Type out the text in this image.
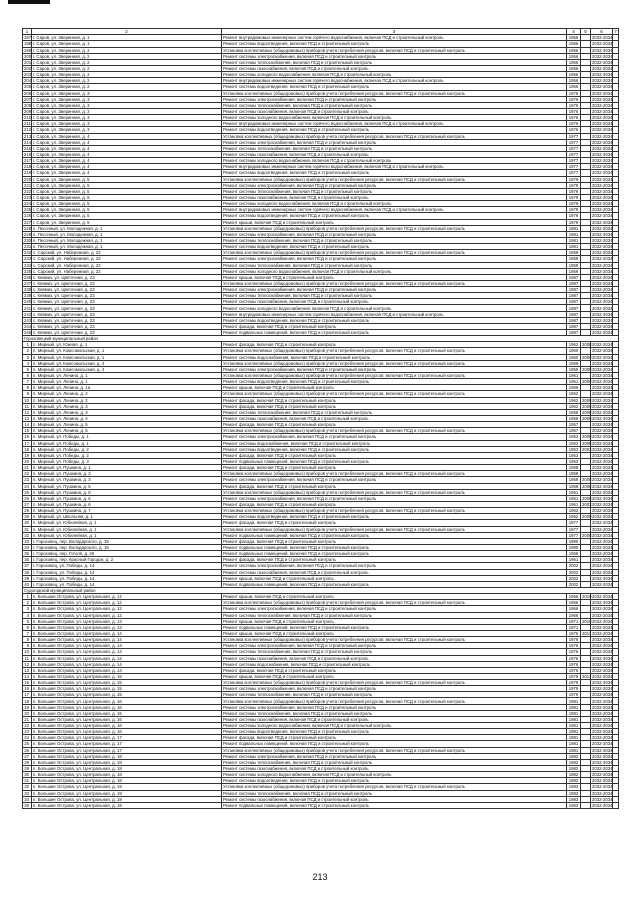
1	2	3	4	5	6	7
197	г. Саров, ул. Зверинная, д. 1	Ремонт внутридомовых инженерных систем горячего водоснабжения, включая ПСД и строительный контроль	1956		2032-2034	
198	г. Саров, ул. Зверинная, д. 1	Ремонт системы водоотведения, включая ПСД и строительный контроль	1956		2032-2034	
199	г. Саров, ул. Зверинная, д. 2	Установка коллективных (общедомовых) приборов учета потребления ресурсов, включая ПСД и строительный контроль	1956		2032-2034	
200	г. Саров, ул. Зверинная, д. 2	Ремонт системы электроснабжения, включая ПСД и строительный контроль	1956		2032-2034	
201	г. Саров, ул. Зверинная, д. 2	Ремонт системы теплоснабжения, включая ПСД и строительный контроль	1956		2032-2034	
202	г. Саров, ул. Зверинная, д. 2	Ремонт системы газоснабжения, включая ПСД и строительный контроль	1956		2032-2034	
203	г. Саров, ул. Зверинная, д. 2	Ремонт системы холодного водоснабжения, включая ПСД и строительный контроль	1956		2032-2034	
204	г. Саров, ул. Зверинная, д. 2	Ремонт внутридомовых инженерных систем горячего водоснабжения, включая ПСД и строительный контроль	1956		2032-2034	
205	г. Саров, ул. Зверинная, д. 2	Ремонт системы водоотведения, включая ПСД и строительный контроль	1956		2032-2034	
206	г. Саров, ул. Зверинная, д. 3	Установка коллективных (общедомовых) приборов учета потребления ресурсов, включая ПСД и строительный контроль	1976		2032-2034	
207	г. Саров, ул. Зверинная, д. 3	Ремонт системы электроснабжения, включая ПСД и строительный контроль	1976		2032-2034	
208	г. Саров, ул. Зверинная, д. 3	Ремонт системы теплоснабжения, включая ПСД и строительный контроль	1976		2032-2034	
209	г. Саров, ул. Зверинная, д. 3	Ремонт системы газоснабжения, включая ПСД и строительный контроль	1976		2032-2034	
210	г. Саров, ул. Зверинная, д. 3	Ремонт системы холодного водоснабжения, включая ПСД и строительный контроль	1976		2032-2034	
211	г. Саров, ул. Зверинная, д. 3	Ремонт внутридомовых инженерных систем горячего водоснабжения, включая ПСД и строительный контроль	1976		2032-2034	
212	г. Саров, ул. Зверинная, д. 3	Ремонт системы водоотведения, включая ПСД и строительный контроль	1976		2032-2034	
213	г. Саров, ул. Зверинная, д. 4	Установка коллективных (общедомовых) приборов учета потребления ресурсов, включая ПСД и строительный контроль	1977		2032-2034	
214	г. Саров, ул. Зверинная, д. 4	Ремонт системы электроснабжения, включая ПСД и строительный контроль	1977		2032-2034	
215	г. Саров, ул. Зверинная, д. 4	Ремонт системы теплоснабжения, включая ПСД и строительный контроль	1977		2032-2034	
216	г. Саров, ул. Зверинная, д. 4	Ремонт системы газоснабжения, включая ПСД и строительный контроль	1977		2032-2034	
217	г. Саров, ул. Зверинная, д. 4	Ремонт системы холодного водоснабжения, включая ПСД и строительный контроль	1977		2032-2034	
218	г. Саров, ул. Зверинная, д. 4	Ремонт внутридомовых инженерных систем горячего водоснабжения, включая ПСД и строительный контроль	1977		2032-2034	
219	г. Саров, ул. Зверинная, д. 4	Ремонт системы водоотведения, включая ПСД и строительный контроль	1977		2032-2034	
220	г. Саров, ул. Зверинная, д. 5	Установка коллективных (общедомовых) приборов учета потребления ресурсов, включая ПСД и строительный контроль	1979		2032-2034	
221	г. Саров, ул. Зверинная, д. 5	Ремонт системы электроснабжения, включая ПСД и строительный контроль	1979		2032-2034	
222	г. Саров, ул. Зверинная, д. 5	Ремонт системы теплоснабжения, включая ПСД и строительный контроль	1979		2032-2034	
223	г. Саров, ул. Зверинная, д. 5	Ремонт системы газоснабжения, включая ПСД и строительный контроль	1979		2032-2034	
224	г. Саров, ул. Зверинная, д. 5	Ремонт системы холодного водоснабжения, включая ПСД и строительный контроль	1979		2032-2034	
225	г. Саров, ул. Зверинная, д. 5	Ремонт внутридомовых инженерных систем горячего водоснабжения, включая ПСД и строительный контроль	1979		2032-2034	
226	г. Саров, ул. Зверинная, д. 5	Ремонт системы водоотведения, включая ПСД и строительный контроль	1979		2032-2034	
227	г. Саров, ул. Зверинная, д. 5	Ремонт крыши, включая ПСД и строительный контроль	1979		2032-2034	
228	п. Песочный, ул. Молодежная, д. 1	Установка коллективных (общедомовых) приборов учета потребления ресурсов, включая ПСД и строительный контроль	1981		2032-2034	
229	п. Песочный, ул. Молодежная, д. 1	Ремонт системы электроснабжения, включая ПСД и строительный контроль	1981		2032-2034	
230	п. Песочный, ул. Молодежная, д. 1	Ремонт системы теплоснабжения, включая ПСД и строительный контроль	1981		2032-2034	
231	п. Песочный, ул. Молодежная, д. 1	Ремонт системы водоотведения, включая ПСД и строительный контроль	1981		2032-2034	
232	с. Сарский, ул. Набережная, д. 22	Установка коллективных (общедомовых) приборов учета потребления ресурсов, включая ПСД и строительный контроль	1959		2032-2034	
233	с. Сарский, ул. Набережная, д. 22	Ремонт системы электроснабжения, включая ПСД и строительный контроль	1959		2032-2034	
234	с. Сарский, ул. Набережная, д. 22	Ремонт системы теплоснабжения, включая ПСД и строительный контроль	1959		2032-2034	
235	с. Сарский, ул. Набережная, д. 22	Ремонт системы холодного водоснабжения, включая ПСД и строительный контроль	1959		2032-2034	
236	с. Кевмиз, ул. Цветочная, д. 23	Ремонт крыши, включая ПСД и строительный контроль	1987		2032-2034	
237	с. Кевмиз, ул. Цветочная, д. 23	Установка коллективных (общедомовых) приборов учета потребления ресурсов, включая ПСД и строительный контроль	1987		2032-2034	
238	с. Кевмиз, ул. Цветочная, д. 23	Ремонт системы электроснабжения, включая ПСД и строительный контроль	1987		2032-2034	
239	с. Кевмиз, ул. Цветочная, д. 23	Ремонт системы теплоснабжения, включая ПСД и строительный контроль	1987		2032-2034	
240	с. Кевмиз, ул. Цветочная, д. 23	Ремонт системы газоснабжения, включая ПСД и строительный контроль	1987		2032-2034	
241	с. Кевмиз, ул. Цветочная, д. 23	Ремонт системы холодного водоснабжения, включая ПСД и строительный контроль	1987		2032-2034	
242	с. Кевмиз, ул. Цветочная, д. 23	Ремонт внутридомовых инженерных систем горячего водоснабжения, включая ПСД и строительный контроль	1987		2032-2034	
243	с. Кевмиз, ул. Цветочная, д. 23	Ремонт системы водоотведения, включая ПСД и строительный контроль	1987		2032-2034	
244	с. Кевмиз, ул. Цветочная, д. 23	Ремонт фасада, включая ПСД и строительный контроль	1987		2032-2034	
245	с. Кевмиз, ул. Цветочная, д. 23	Ремонт подвальных помещений, включая ПСД и строительный контроль	1987		2032-2034	
Гороховецкий муниципальный район						
1	п. Мирный, ул. Южная, д. 1	Ремонт фасада, включая ПСД и строительный контроль	1962	2008	2032-2034	
2	п. Мирный, ул. Комсомольская, д. 1	Установка коллективных (общедомовых) приборов учета потребления ресурсов, включая ПСД и строительный контроль	1960		2032-2034	
3	п. Мирный, ул. Комсомольская, д. 1	Ремонт системы водоснабжения, включая ПСД и строительный контроль	1960	2009	2032-2034	
4	п. Мирный, ул. Комсомольская, д. 4	Установка коллективных (общедомовых) приборов учета потребления ресурсов, включая ПСД и строительный контроль	1959		2032-2034	
5	п. Мирный, ул. Комсомольская, д. 4	Ремонт системы электроснабжения, включая ПСД и строительный контроль	1959	2008	2032-2034	
6	п. Мирный, ул. Ленина, д. 1	Установка коллективных (общедомовых) приборов учета потребления ресурсов, включая ПСД и строительный контроль	1961		2032-2034	
7	п. Мирный, ул. Ленина, д. 1	Ремонт системы водоотведения, включая ПСД и строительный контроль	1961	2009	2032-2034	
8	п. Мирный, ул. Ленина, д. 1а	Ремонт крыши, включая ПСД и строительный контроль	1966		2032-2034	
9	п. Мирный, ул. Ленина, д. 2	Установка коллективных (общедомовых) приборов учета потребления ресурсов, включая ПСД и строительный контроль	1962		2032-2034	
10	п. Мирный, ул. Ленина, д. 2	Ремонт фасада, включая ПСД и строительный контроль	1962	2008	2032-2034	
11	п. Мирный, ул. Ленина, д. 3	Ремонт фасада, включая ПСД и строительный контроль	1962	2008	2032-2034	
12	п. Мирный, ул. Ленина, д. 3	Ремонт системы теплоснабжения, включая ПСД и строительный контроль	1958	2008	2032-2034	
13	п. Мирный, ул. Ленина, д. 4	Ремонт системы газоснабжения, включая ПСД и строительный контроль	1958	2008	2032-2034	
14	п. Мирный, ул. Ленина, д. 5	Ремонт фасада, включая ПСД и строительный контроль	1957		2032-2034	
15	п. Мирный, ул. Ленина, д. 5	Установка коллективных (общедомовых) приборов учета потребления ресурсов, включая ПСД и строительный контроль	1957		2032-2034	
16	п. Мирный, ул. Победы, д. 1	Ремонт системы электроснабжения, включая ПСД и строительный контроль	1953	2008	2032-2034	
17	п. Мирный, ул. Победы, д. 1	Ремонт системы водоснабжения, включая ПСД и строительный контроль	1953	2008	2032-2034	
18	п. Мирный, ул. Победы, д. 2	Ремонт системы водоотведения, включая ПСД и строительный контроль	1953	2003	2032-2034	
19	п. Мирный, ул. Победы, д. 2	Ремонт фасада, включая ПСД и строительный контроль	1953		2032-2034	
20	п. Мирный, ул. Победы, д. 3	Ремонт подвальных помещений, включая ПСД и строительный контроль	1953		2032-2034	
21	п. Мирный, ул. Пушкина, д. 1	Ремонт фасада, включая ПСД и строительный контроль	1958		2032-2034	
22	п. Мирный, ул. Пушкина, д. 3	Установка коллективных (общедомовых) приборов учета потребления ресурсов, включая ПСД и строительный контроль	1958		2032-2034	
23	п. Мирный, ул. Пушкина, д. 3	Ремонт системы электроснабжения, включая ПСД и строительный контроль	1958	2008	2032-2034	
24	п. Мирный, ул. Пушкина, д. 5	Ремонт фасада, включая ПСД и строительный контроль	1958	2008	2032-2034	
25	п. Мирный, ул. Пушкина, д. 6	Установка коллективных (общедомовых) приборов учета потребления ресурсов, включая ПСД и строительный контроль	1961		2032-2034	
26	п. Мирный, ул. Пушкина, д. 6	Ремонт системы электроснабжения, включая ПСД и строительный контроль	1961	2008	2032-2034	
27	п. Мирный, ул. Пушкина, д. 6	Ремонт фасада, включая ПСД и строительный контроль	1961	2003	2032-2034	
28	п. Мирный, ул. Пушкина, д. 7	Установка коллективных (общедомовых) приборов учета потребления ресурсов, включая ПСД и строительный контроль	1962		2032-2034	
29	п. Мирный, ул. Школьная, д. 1	Ремонт системы водоотведения, включая ПСД и строительный контроль	1962	2009	2032-2034	
30	п. Мирный, ул. Юбилейная, д. 1	Ремонт фасада, включая ПСД и строительный контроль	1977		2032-2034	
31	п. Мирный, ул. Юбилейная, д. 1	Установка коллективных (общедомовых) приборов учета потребления ресурсов, включая ПСД и строительный контроль	1977		2032-2034	
32	п. Мирный, ул. Юбилейная, д. 1	Ремонт подвальных помещений, включая ПСД и строительный контроль	1977	2008	2032-2034	
33	г. Гороховец, пер. Володарского, д. 15	Ремонт фасада, включая ПСД и строительный контроль	1990		2032-2034	
34	г. Гороховец, пер. Володарского, д. 15	Ремонт подвальных помещений, включая ПСД и строительный контроль	1990		2032-2034	
35	г. Гороховец, пер. Гоголя, д. 26	Ремонт подвальных помещений, включая ПСД и строительный контроль	1968		2032-2034	
36	г. Гороховец, пер. Красный Городок, д. 2	Ремонт фасада, включая ПСД и строительный контроль	1961		2032-2034	
37	г. Гороховец, ул. Победы, д. 14	Ремонт системы электроснабжения, включая ПСД и строительный контроль	2002		2032-2034	
38	г. Гороховец, ул. Победы, д. 14	Ремонт системы газоснабжения, включая ПСД и строительный контроль	2002		2032-2034	
39	г. Гороховец, ул. Победы, д. 14	Ремонт крыши, включая ПСД и строительный контроль	2002		2032-2034	
40	г. Гороховец, ул. Победы, д. 14	Ремонт подвальных помещений, включая ПСД и строительный контроль	2002		2032-2034	
Судогодский муниципальный район						
1	п. Большие Острова, ул. Центральная, д. 12	Ремонт крыши, включая ПСД и строительный контроль	1966	2010	2032-2034	
2	п. Большие Острова, ул. Центральная, д. 12	Установка коллективных (общедомовых) приборов учета потребления ресурсов, включая ПСД и строительный контроль	1966		2032-2034	
3	п. Большие Острова, ул. Центральная, д. 12	Ремонт системы электроснабжения, включая ПСД и строительный контроль	1966		2032-2034	
4	п. Большие Острова, ул. Центральная, д. 12	Ремонт системы теплоснабжения, включая ПСД и строительный контроль	1966		2032-2034	
5	п. Большие Острова, ул. Центральная, д. 13	Ремонт крыши, включая ПСД и строительный контроль	1971	2010	2032-2034	
6	п. Большие Острова, ул. Центральная, д. 13	Ремонт подвальных помещений, включая ПСД и строительный контроль	1971		2032-2034	
7	п. Большие Острова, ул. Центральная, д. 14	Ремонт крыши, включая ПСД и строительный контроль	1976	2011	2032-2034	
8	п. Большие Острова, ул. Центральная, д. 14	Установка коллективных (общедомовых) приборов учета потребления ресурсов, включая ПСД и строительный контроль	1976		2032-2034	
9	п. Большие Острова, ул. Центральная, д. 14	Ремонт системы электроснабжения, включая ПСД и строительный контроль	1976		2032-2034	
10	п. Большие Острова, ул. Центральная, д. 14	Ремонт системы теплоснабжения, включая ПСД и строительный контроль	1976		2032-2034	
11	п. Большие Острова, ул. Центральная, д. 14	Ремонт системы газоснабжения, включая ПСД и строительный контроль	1976		2032-2034	
12	п. Большие Острова, ул. Центральная, д. 14	Ремонт системы водоснабжения, включая ПСД и строительный контроль	1976		2032-2034	
13	п. Большие Острова, ул. Центральная, д. 14	Ремонт фасада, включая ПСД и строительный контроль	1976		2032-2034	
14	п. Большие Острова, ул. Центральная, д. 15	Ремонт крыши, включая ПСД и строительный контроль	1979	2011	2032-2034	
15	п. Большие Острова, ул. Центральная, д. 15	Установка коллективных (общедомовых) приборов учета потребления ресурсов, включая ПСД и строительный контроль	1979		2032-2034	
16	п. Большие Острова, ул. Центральная, д. 15	Ремонт системы электроснабжения, включая ПСД и строительный контроль	1979		2032-2034	
17	п. Большие Острова, ул. Центральная, д. 15	Ремонт системы теплоснабжения, включая ПСД и строительный контроль	1979		2032-2034	
18	п. Большие Острова, ул. Центральная, д. 16	Установка коллективных (общедомовых) приборов учета потребления ресурсов, включая ПСД и строительный контроль	1981		2032-2034	
19	п. Большие Острова, ул. Центральная, д. 16	Ремонт системы электроснабжения, включая ПСД и строительный контроль	1981		2032-2034	
20	п. Большие Острова, ул. Центральная, д. 16	Ремонт системы теплоснабжения, включая ПСД и строительный контроль	1981		2032-2034	
21	п. Большие Острова, ул. Центральная, д. 16	Ремонт системы газоснабжения, включая ПСД и строительный контроль	1981		2032-2034	
22	п. Большие Острова, ул. Центральная, д. 16	Ремонт системы холодного водоснабжения, включая ПСД и строительный контроль	1981		2032-2034	
23	п. Большие Острова, ул. Центральная, д. 16	Ремонт системы водоотведения, включая ПСД и строительный контроль	1981		2032-2034	
24	п. Большие Острова, ул. Центральная, д. 17	Ремонт фасада, включая ПСД и строительный контроль	1981		2032-2034	
25	п. Большие Острова, ул. Центральная, д. 17	Ремонт подвальных помещений, включая ПСД и строительный контроль	1981		2032-2034	
26	п. Большие Острова, ул. Центральная, д. 17	Установка коллективных (общедомовых) приборов учета потребления ресурсов, включая ПСД и строительный контроль	1981		2032-2034	
27	п. Большие Острова, ул. Центральная, д. 18	Ремонт системы электроснабжения, включая ПСД и строительный контроль	1982		2032-2034	
28	п. Большие Острова, ул. Центральная, д. 18	Ремонт системы теплоснабжения, включая ПСД и строительный контроль	1982		2032-2034	
29	п. Большие Острова, ул. Центральная, д. 18	Ремонт системы газоснабжения, включая ПСД и строительный контроль	1982		2032-2034	
30	п. Большие Острова, ул. Центральная, д. 18	Ремонт системы холодного водоснабжения, включая ПСД и строительный контроль	1982		2032-2034	
31	п. Большие Острова, ул. Центральная, д. 18	Ремонт системы водоотведения, включая ПСД и строительный контроль	1982		2032-2034	
32	п. Большие Острова, ул. Центральная, д. 19	Установка коллективных (общедомовых) приборов учета потребления ресурсов, включая ПСД и строительный контроль	1983		2032-2034	
33	п. Большие Острова, ул. Центральная, д. 19	Ремонт системы теплоснабжения, включая ПСД и строительный контроль	1983		2032-2034	
34	п. Большие Острова, ул. Центральная, д. 19	Ремонт системы газоснабжения, включая ПСД и строительный контроль	1983		2032-2034	
35	п. Большие Острова, ул. Центральная, д. 19	Ремонт подвальных помещений, включая ПСД и строительный контроль	1983		2032-2034	
213
